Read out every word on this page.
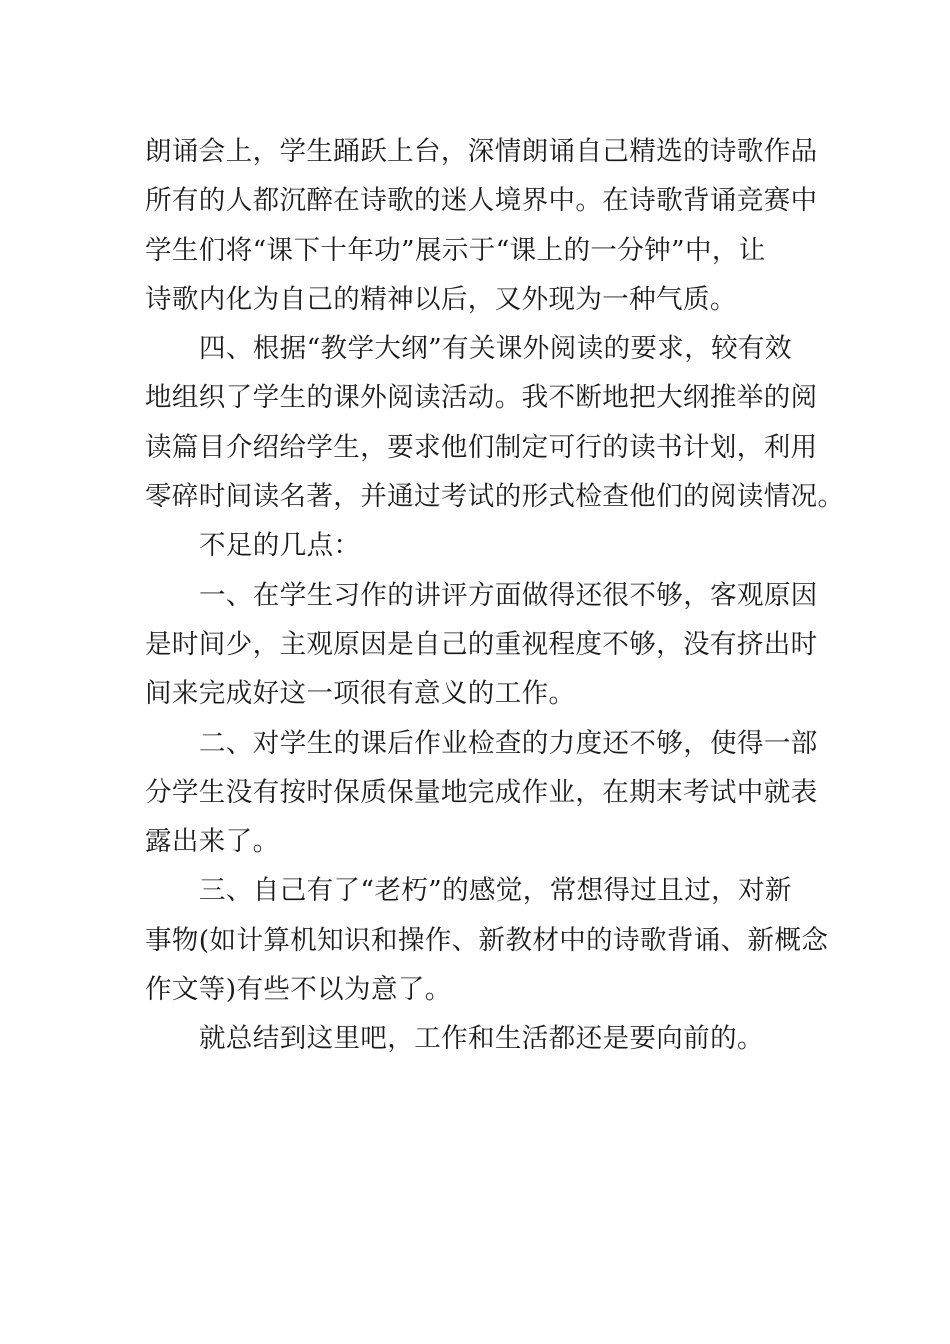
朗诵会上，学生踊跃上台，深情朗诵自己精选的诗歌作品
所有的人都沉醉在诗歌的迷人境界中。在诗歌背诵竞赛中
学生们将“课下十年功”展示于“课上的一分钟”中，让
诗歌内化为自己的精神以后，又外现为一种气质。
四、根据“教学大纲”有关课外阅读的要求，较有效
地组织了学生的课外阅读活动。我不断地把大纲推举的阅
读篇目介绍给学生，要求他们制定可行的读书计划，利用
零碎时间读名著，并通过考试的形式检查他们的阅读情况。
不足的几点：
一、在学生习作的讲评方面做得还很不够，客观原因
是时间少，主观原因是自己的重视程度不够，没有挤出时
间来完成好这一项很有意义的工作。
二、对学生的课后作业检查的力度还不够，使得一部
分学生没有按时保质保量地完成作业，在期末考试中就表
露出来了。
三、自己有了“老朽”的感觉，常想得过且过，对新
事物(如计算机知识和操作、新教材中的诗歌背诵、新概念
作文等)有些不以为意了。
就总结到这里吧，工作和生活都还是要向前的。
